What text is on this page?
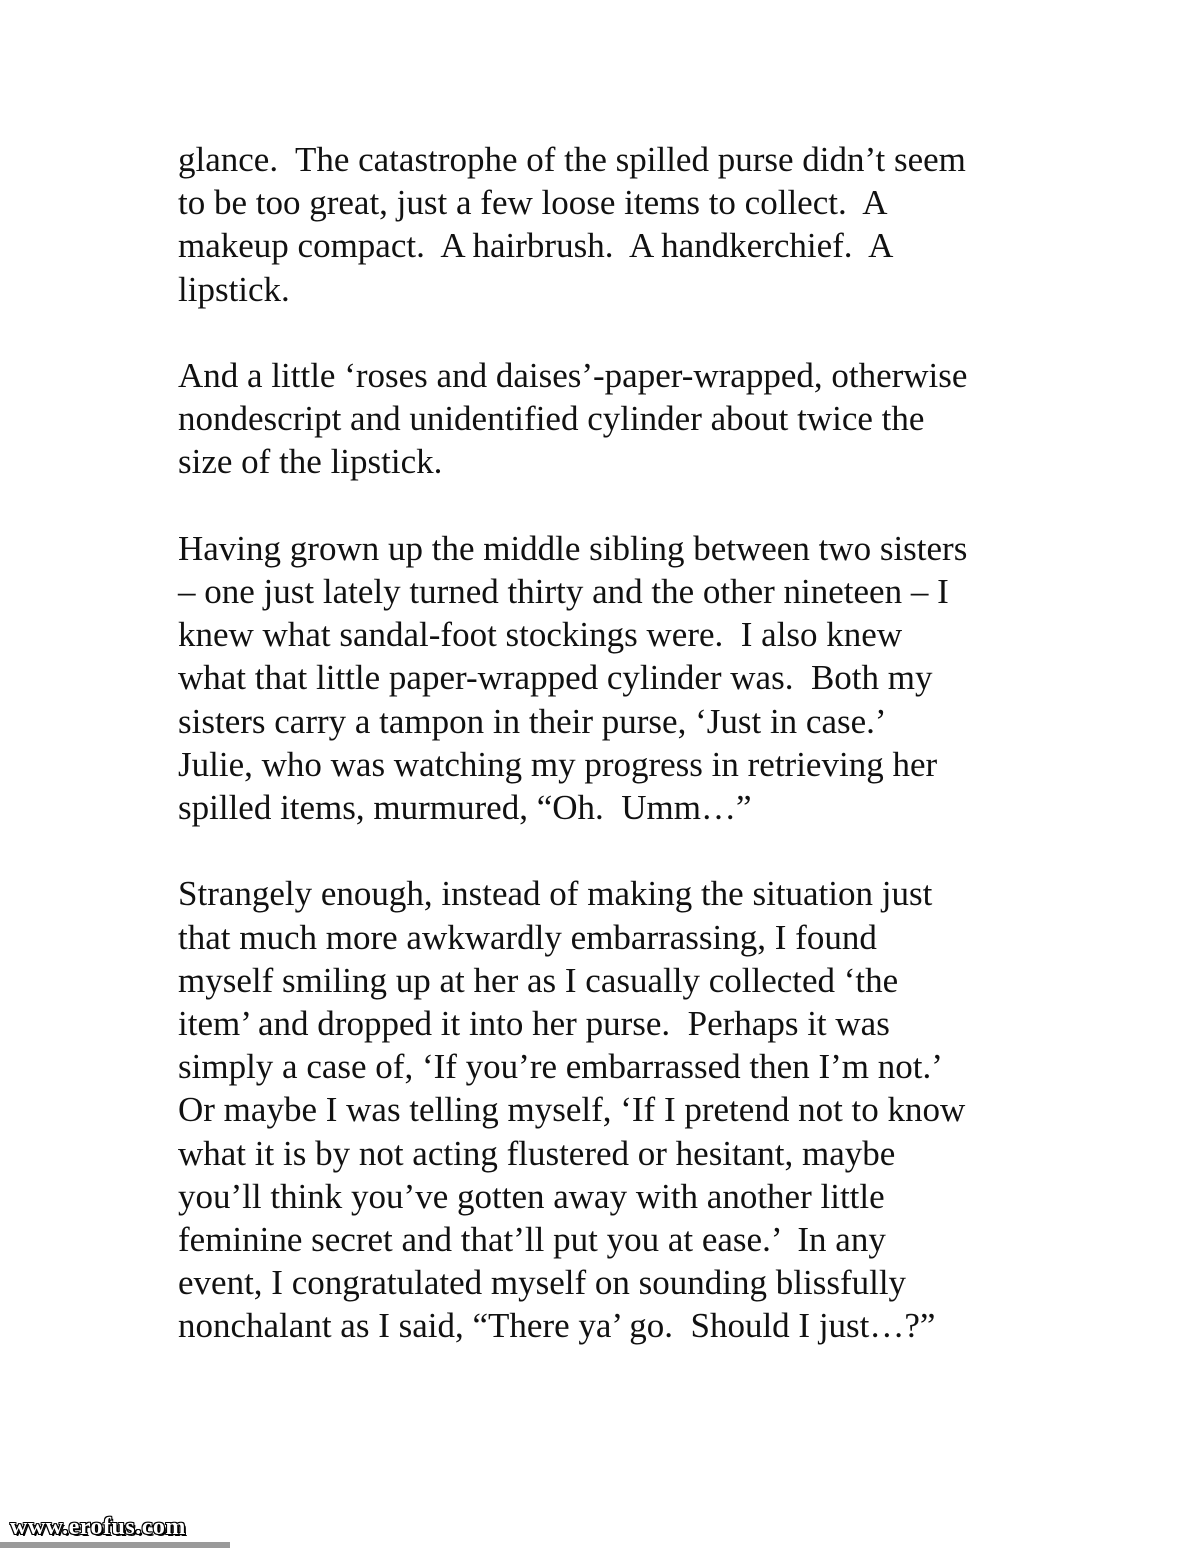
glance.  The catastrophe of the spilled purse didn’t seem
to be too great, just a few loose items to collect.  A
makeup compact.  A hairbrush.  A handkerchief.  A
lipstick.

And a little ‘roses and daises’-paper-wrapped, otherwise
nondescript and unidentified cylinder about twice the
size of the lipstick.

Having grown up the middle sibling between two sisters
– one just lately turned thirty and the other nineteen – I
knew what sandal-foot stockings were.  I also knew
what that little paper-wrapped cylinder was.  Both my
sisters carry a tampon in their purse, ‘Just in case.’
Julie, who was watching my progress in retrieving her
spilled items, murmured, “Oh.  Umm…”

Strangely enough, instead of making the situation just
that much more awkwardly embarrassing, I found
myself smiling up at her as I casually collected ‘the
item’ and dropped it into her purse.  Perhaps it was
simply a case of, ‘If you’re embarrassed then I’m not.’
Or maybe I was telling myself, ‘If I pretend not to know
what it is by not acting flustered or hesitant, maybe
you’ll think you’ve gotten away with another little
feminine secret and that’ll put you at ease.’  In any
event, I congratulated myself on sounding blissfully
nonchalant as I said, “There ya’ go.  Should I just…?”

www.erofus.com
